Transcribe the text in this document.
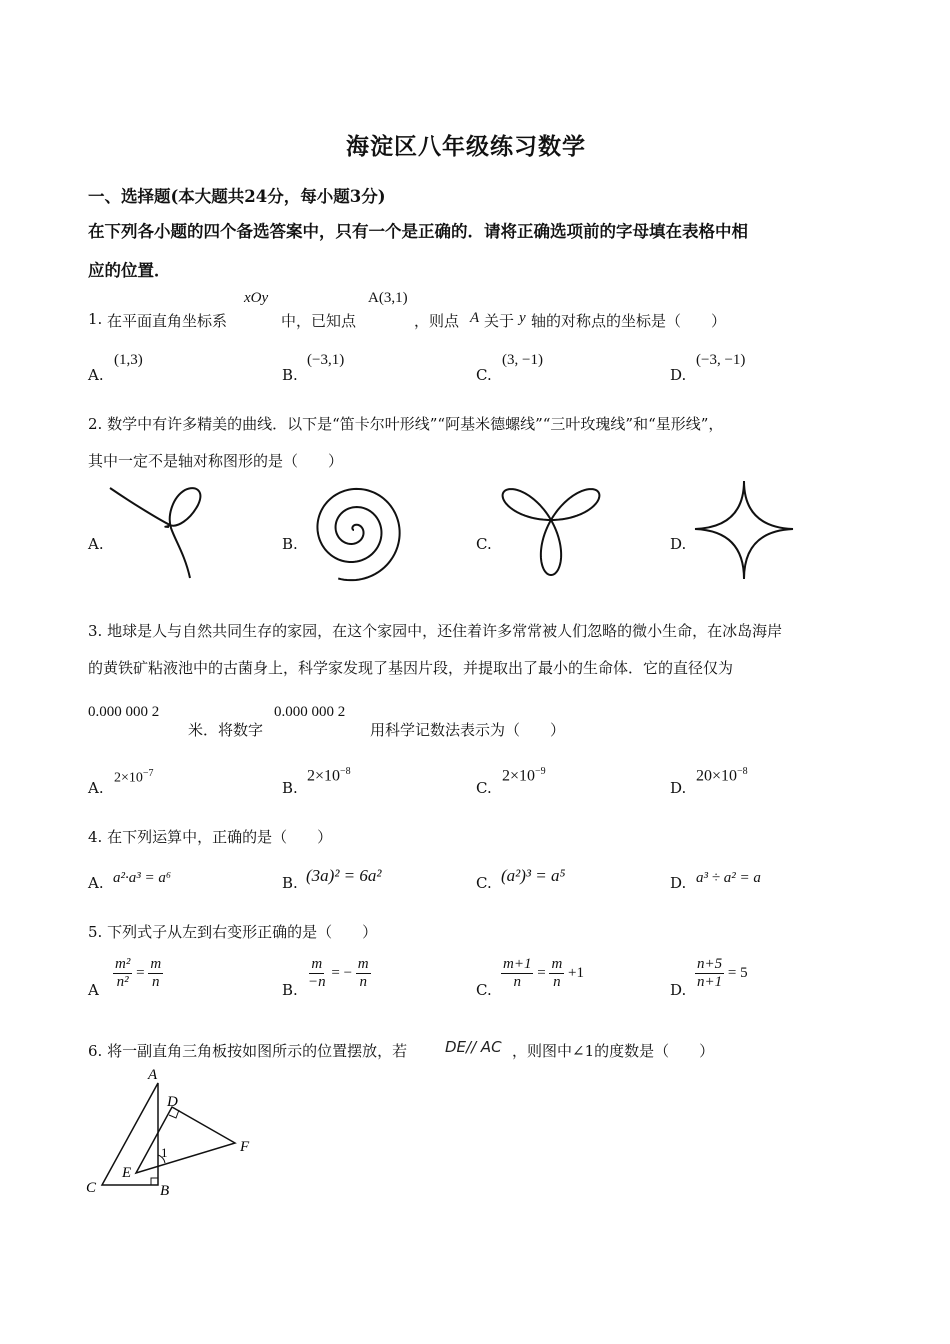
海淀区八年级练习数学
一、选择题(本大题共24分，每小题3分)
在下列各小题的四个备选答案中，只有一个是正确的．请将正确选项前的字母填在表格中相
应的位置．
1. 在平面直角坐标系
xOy
中，已知点
A(3,1)
，则点 A 关于 y 轴的对称点的坐标是（　　）
A.
(1,3)
B.
(−3,1)
C.
(3, −1)
D.
(−3, −1)
2. 数学中有许多精美的曲线．以下是“笛卡尔叶形线”“阿基米德螺线”“三叶玫瑰线”和“星形线”，
其中一定不是轴对称图形的是（　　）
A.	B.	C.	D.
3. 地球是人与自然共同生存的家园，在这个家园中，还住着许多常常被人们忽略的微小生命，在冰岛海岸
的黄铁矿粘液池中的古菌身上，科学家发现了基因片段，并提取出了最小的生命体．它的直径仅为
0.000 000 2
米．将数字
0.000 000 2
用科学记数法表示为（　　）
A.
$2\times 10^{-7}$
B.
$2\times 10^{-8}$
C.
$2\times 10^{-9}$
D.
$20\times 10^{-8}$
4. 在下列运算中，正确的是（　　）
A. a²·a³ = a⁶	B. (3a)² = 6a²	C. (a²)³ = a⁵	D. a³ ÷ a² = a
5. 下列式子从左到右变形正确的是（　　）
A $\frac{\text{m²}}{\text{n²}} = \frac{m}{n}$	B. $\frac{m}{-n}$ = − $\frac{m}{n}$	C. $\frac{m+1}{n} = \frac{m}{n} +1$
D. $\frac{n+5}{n+1} = 5$
6. 将一副直角三角板按如图所示的位置摆放，若	DE// AC ，则图中∠1的度数是（　　）
A
D
F
E
1
C	B
